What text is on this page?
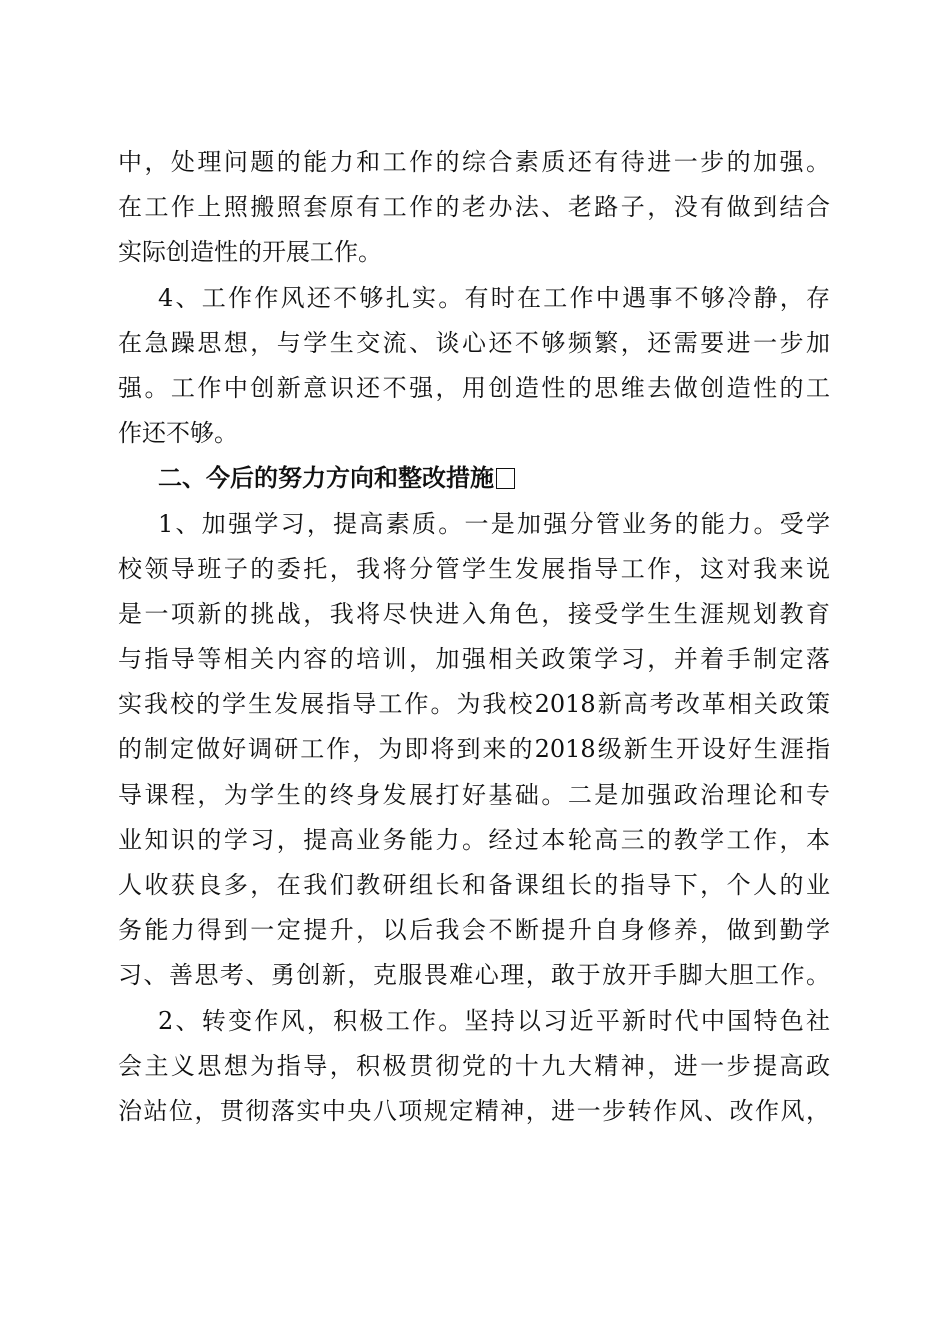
中，处理问题的能力和工作的综合素质还有待进一步的加强。
在工作上照搬照套原有工作的老办法、老路子，没有做到结合
实际创造性的开展工作。
4、工作作风还不够扎实。有时在工作中遇事不够冷静，存
在急躁思想，与学生交流、谈心还不够频繁，还需要进一步加
强。工作中创新意识还不强，用创造性的思维去做创造性的工
作还不够。
二、今后的努力方向和整改措施
1、加强学习，提高素质。一是加强分管业务的能力。受学
校领导班子的委托，我将分管学生发展指导工作，这对我来说
是一项新的挑战，我将尽快进入角色，接受学生生涯规划教育
与指导等相关内容的培训，加强相关政策学习，并着手制定落
实我校的学生发展指导工作。为我校2018新高考改革相关政策
的制定做好调研工作，为即将到来的2018级新生开设好生涯指
导课程，为学生的终身发展打好基础。二是加强政治理论和专
业知识的学习，提高业务能力。经过本轮高三的教学工作，本
人收获良多，在我们教研组长和备课组长的指导下，个人的业
务能力得到一定提升，以后我会不断提升自身修养，做到勤学
习、善思考、勇创新，克服畏难心理，敢于放开手脚大胆工作。
2、转变作风，积极工作。坚持以习近平新时代中国特色社
会主义思想为指导，积极贯彻党的十九大精神，进一步提高政
治站位，贯彻落实中央八项规定精神，进一步转作风、改作风，
